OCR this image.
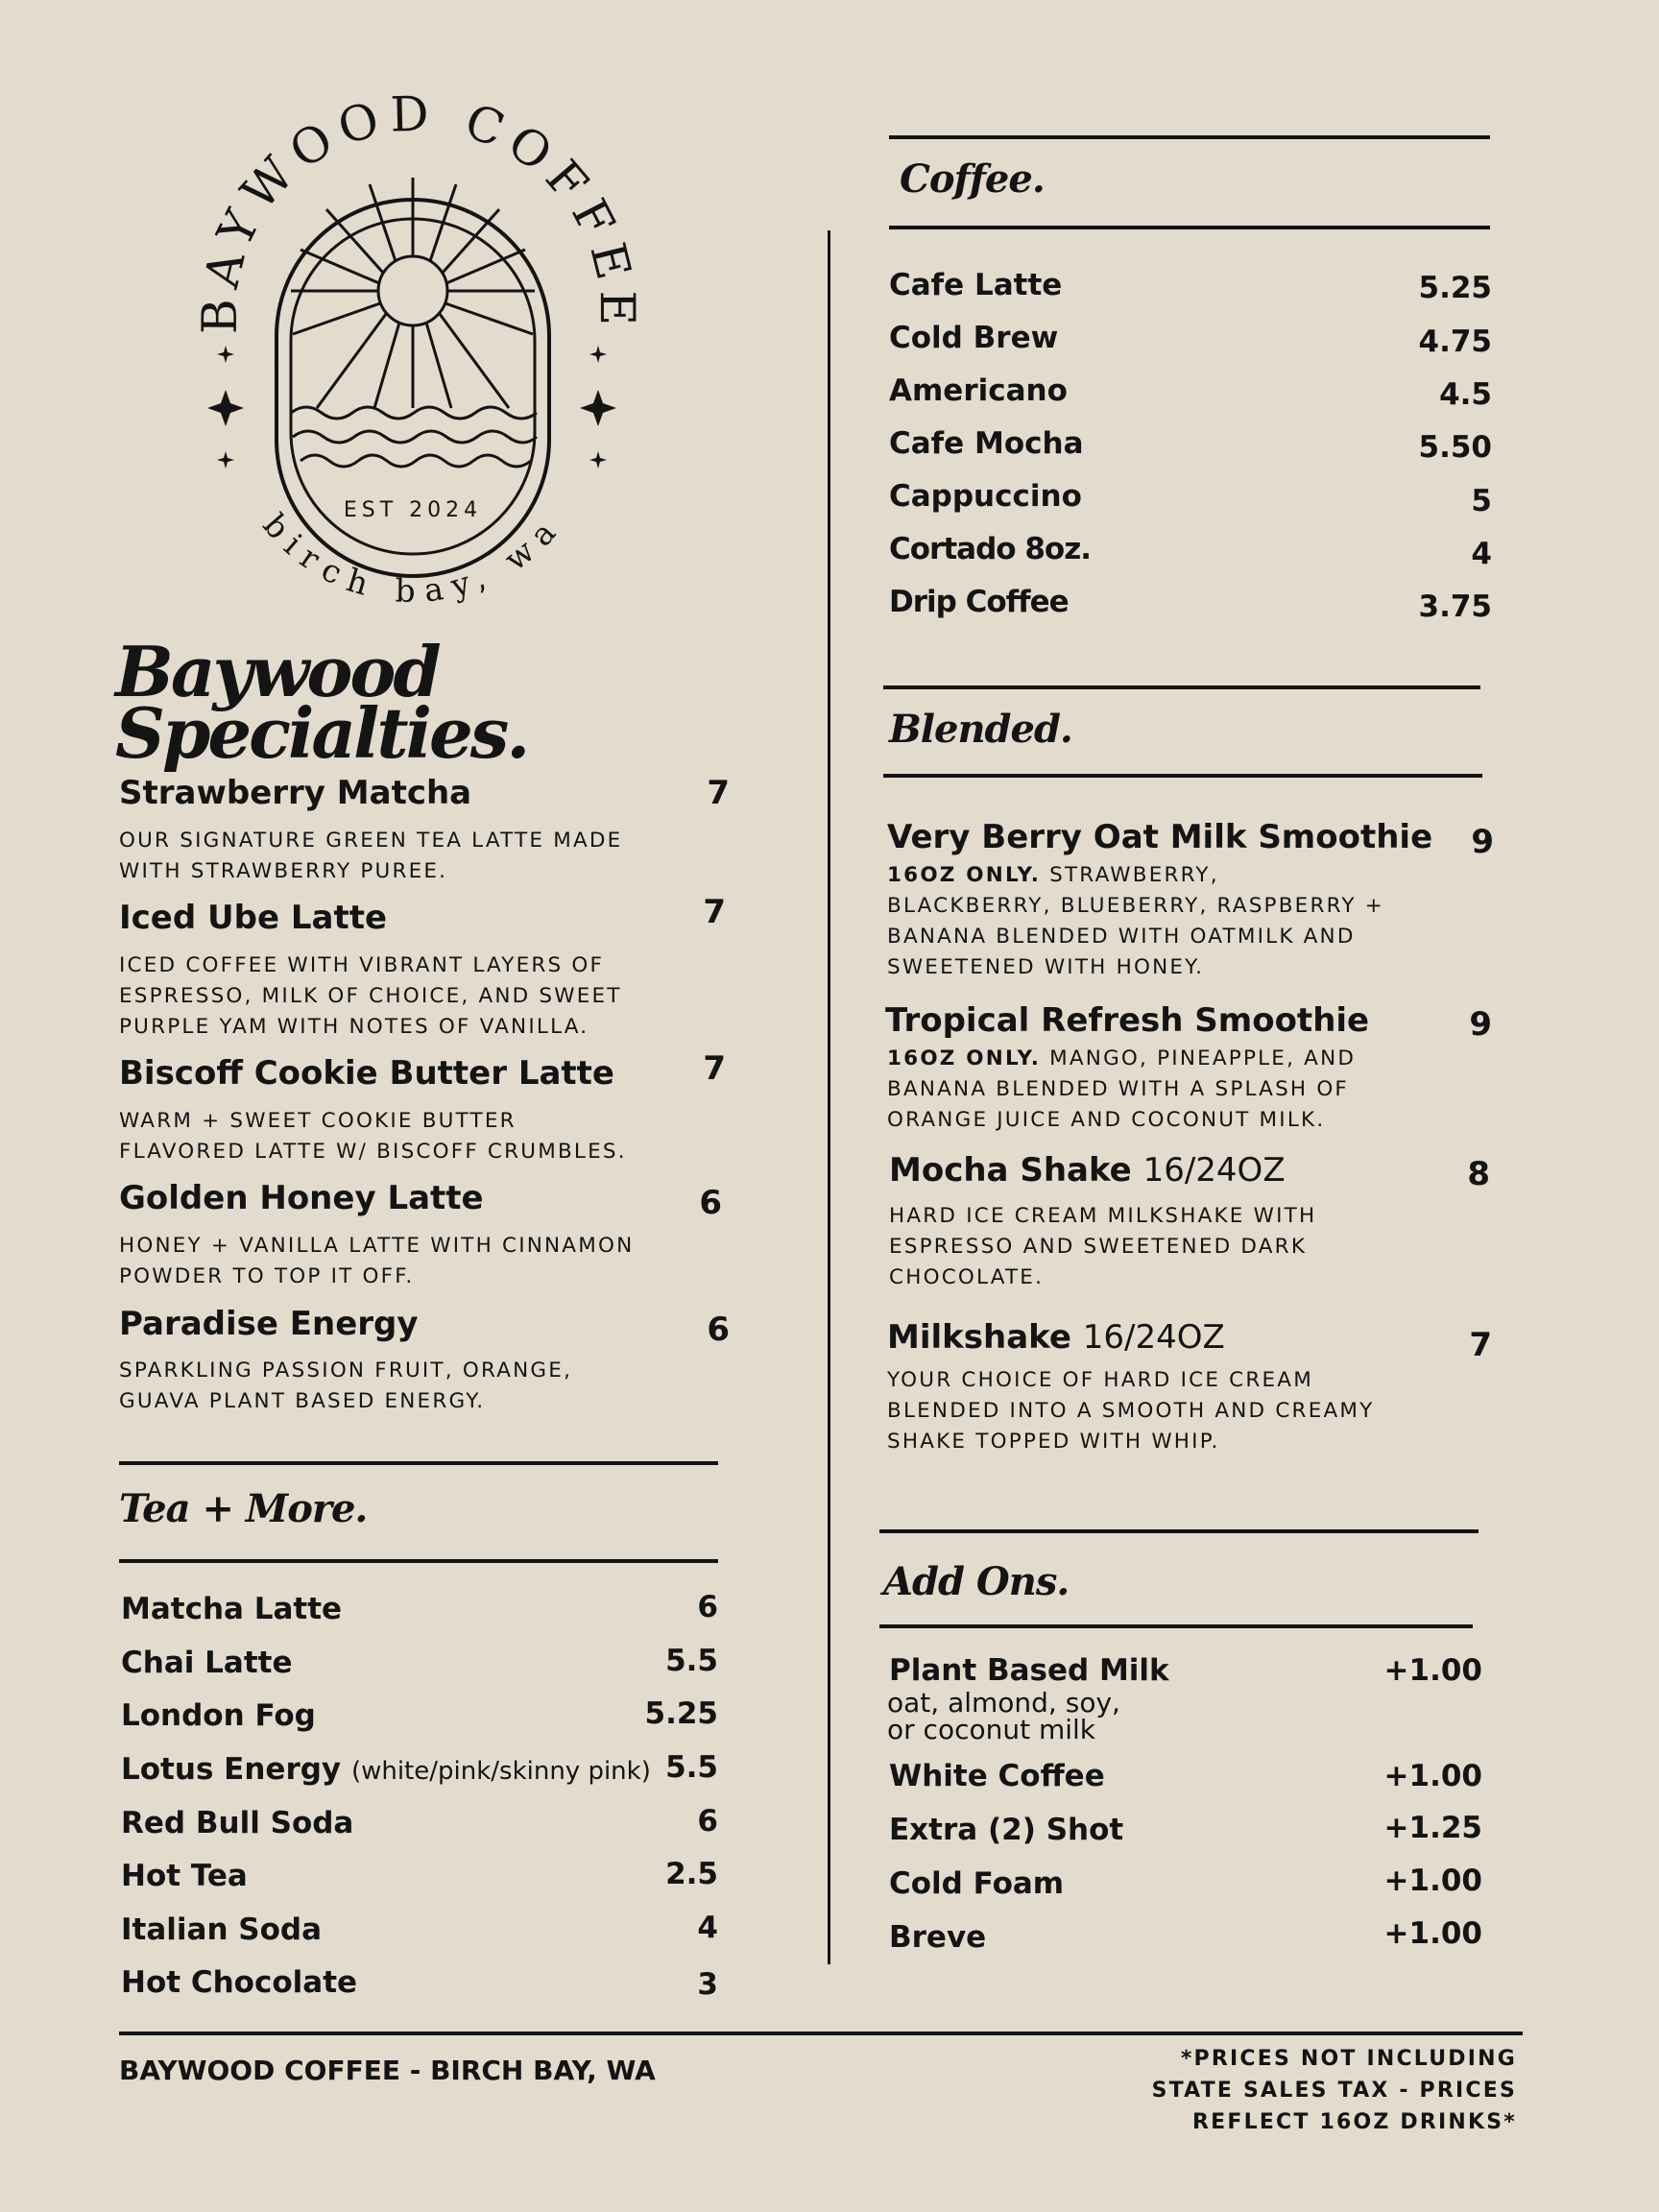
BAYWOOD COFFEE
birch bay, wa
EST 2024
Baywood
Specialties.
Strawberry Matcha	7
OUR SIGNATURE GREEN TEA LATTE MADE WITH STRAWBERRY PUREE.
Iced Ube Latte	7
ICED COFFEE WITH VIBRANT LAYERS OF ESPRESSO, MILK OF CHOICE, AND SWEET PURPLE YAM WITH NOTES OF VANILLA.
Biscoff Cookie Butter Latte	7
WARM + SWEET COOKIE BUTTER FLAVORED LATTE W/ BISCOFF CRUMBLES.
Golden Honey Latte	6
HONEY + VANILLA LATTE WITH CINNAMON POWDER TO TOP IT OFF.
Paradise Energy	6
SPARKLING PASSION FRUIT, ORANGE, GUAVA PLANT BASED ENERGY.
Tea + More.
Matcha Latte	6
Chai Latte	5.5
London Fog	5.25
Lotus Energy (white/pink/skinny pink) 5.5
Red Bull Soda	6
Hot Tea	2.5
Italian Soda	4
Hot Chocolate	3
Coffee.
Cafe Latte	5.25
Cold Brew	4.75
Americano	4.5
Cafe Mocha	5.50
Cappuccino	5
Cortado 8oz.	4
Drip Coffee	3.75
Blended.
Very Berry Oat Milk Smoothie	9
16OZ ONLY. STRAWBERRY, BLACKBERRY, BLUEBERRY, RASPBERRY + BANANA BLENDED WITH OATMILK AND SWEETENED WITH HONEY.
Tropical Refresh Smoothie	9
16OZ ONLY. MANGO, PINEAPPLE, AND BANANA BLENDED WITH A SPLASH OF ORANGE JUICE AND COCONUT MILK.
Mocha Shake 16/24OZ	8
HARD ICE CREAM MILKSHAKE WITH ESPRESSO AND SWEETENED DARK CHOCOLATE.
Milkshake 16/24OZ	7
YOUR CHOICE OF HARD ICE CREAM BLENDED INTO A SMOOTH AND CREAMY SHAKE TOPPED WITH WHIP.
Add Ons.
Plant Based Milk	+1.00
oat, almond, soy,
or coconut milk
White Coffee	+1.00
Extra (2) Shot	+1.25
Cold Foam	+1.00
Breve	+1.00
BAYWOOD COFFEE - BIRCH BAY, WA	*PRICES NOT INCLUDING
STATE SALES TAX - PRICES
REFLECT 16OZ DRINKS*
